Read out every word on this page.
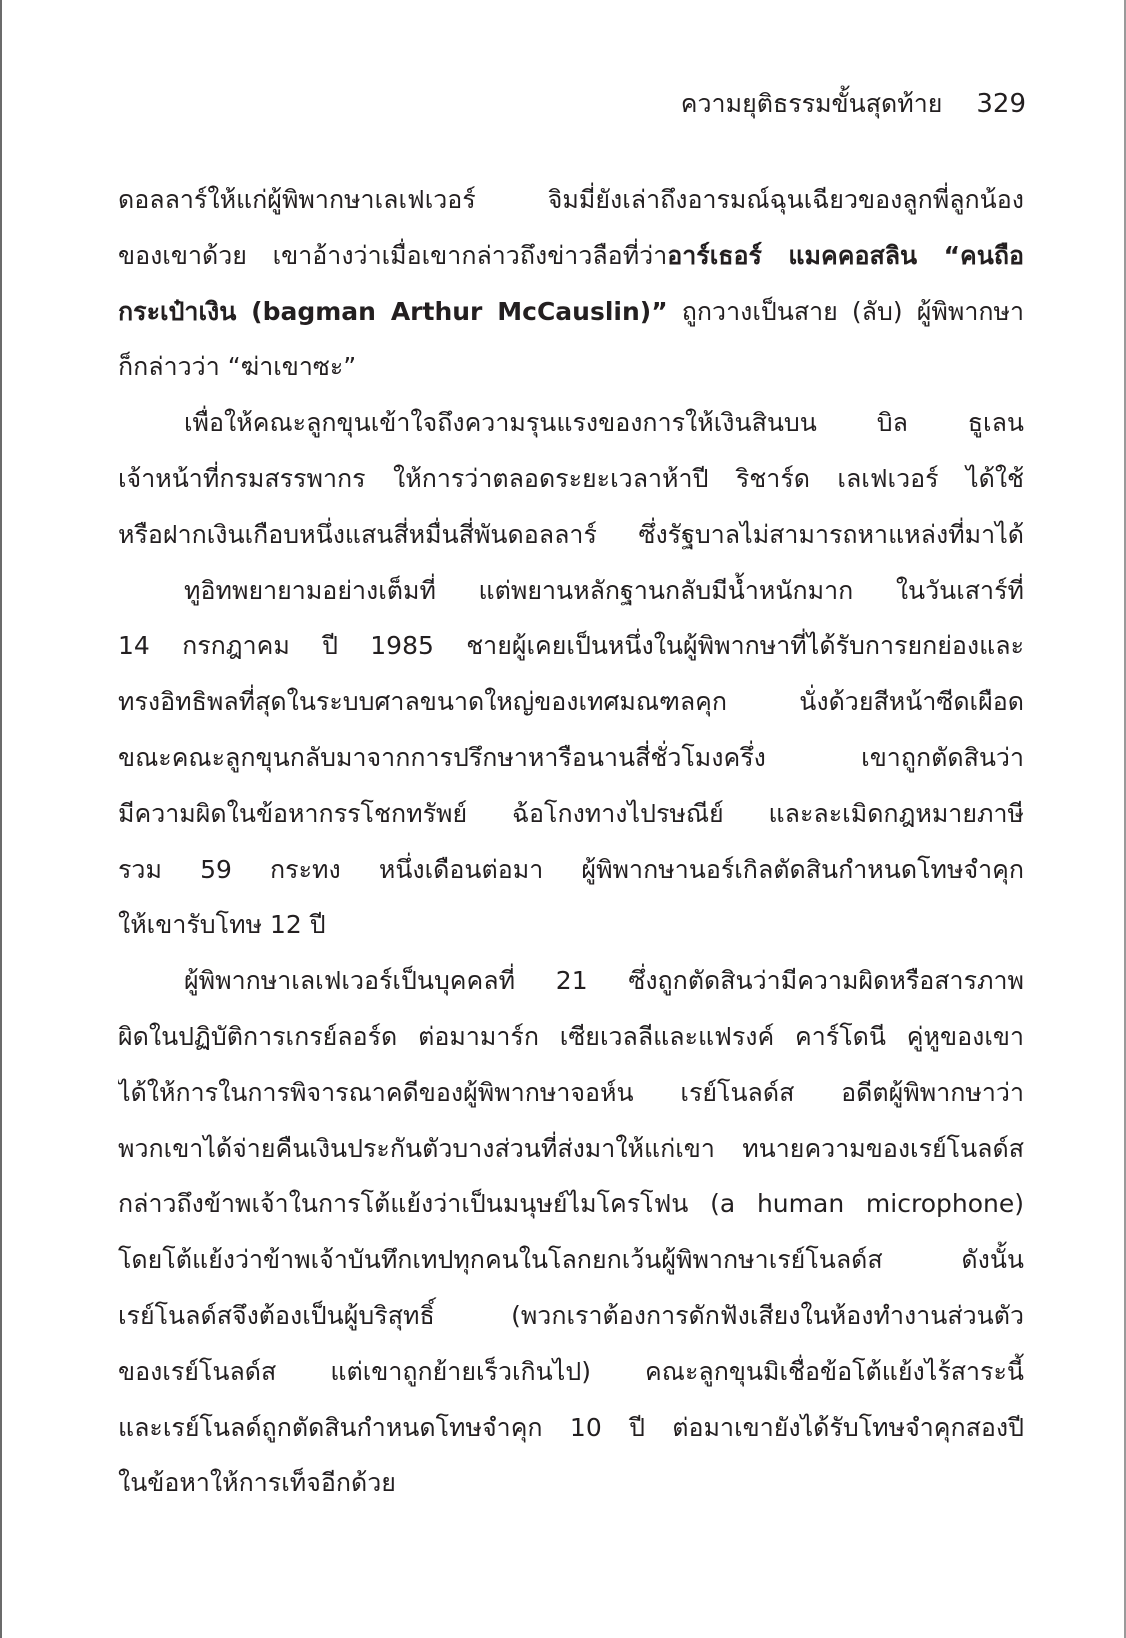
ความยุติธรรมขั้นสุดท้าย 329
ดอลลาร์ให้แก่ผู้พิพากษาเลเฟเวอร์ จิมมี่ยังเล่าถึงอารมณ์ฉุนเฉียวของลูกพี่ลูกน้อง
ของเขาด้วย เขาอ้างว่าเมื่อเขากล่าวถึงข่าวลือที่ว่าอาร์เธอร์ แมคคอสลิน “คนถือ
กระเป๋าเงิน (bagman Arthur McCauslin)” ถูกวางเป็นสาย (ลับ) ผู้พิพากษา
ก็กล่าวว่า “ฆ่าเขาซะ”
เพื่อให้คณะลูกขุนเข้าใจถึงความรุนแรงของการให้เงินสินบน บิล ธูเลน
เจ้าหน้าที่กรมสรรพากร ให้การว่าตลอดระยะเวลาห้าปี ริชาร์ด เลเฟเวอร์ ได้ใช้
หรือฝากเงินเกือบหนึ่งแสนสี่หมื่นสี่พันดอลลาร์ ซึ่งรัฐบาลไม่สามารถหาแหล่งที่มาได้
ทูอิทพยายามอย่างเต็มที่ แต่พยานหลักฐานกลับมีน้ำหนักมาก ในวันเสาร์ที่
14 กรกฎาคม ปี 1985 ชายผู้เคยเป็นหนึ่งในผู้พิพากษาที่ได้รับการยกย่องและ
ทรงอิทธิพลที่สุดในระบบศาลขนาดใหญ่ของเทศมณฑลคุก นั่งด้วยสีหน้าซีดเผือด
ขณะคณะลูกขุนกลับมาจากการปรึกษาหารือนานสี่ชั่วโมงครึ่ง เขาถูกตัดสินว่า
มีความผิดในข้อหากรรโชกทรัพย์ ฉ้อโกงทางไปรษณีย์ และละเมิดกฎหมายภาษี
รวม 59 กระทง หนึ่งเดือนต่อมา ผู้พิพากษานอร์เกิลตัดสินกำหนดโทษจำคุก
ให้เขารับโทษ 12 ปี
ผู้พิพากษาเลเฟเวอร์เป็นบุคคลที่ 21 ซึ่งถูกตัดสินว่ามีความผิดหรือสารภาพ
ผิดในปฏิบัติการเกรย์ลอร์ด ต่อมามาร์ก เซียเวลลีและแฟรงค์ คาร์โดนี คู่หูของเขา
ได้ให้การในการพิจารณาคดีของผู้พิพากษาจอห์น เรย์โนลด์ส อดีตผู้พิพากษาว่า
พวกเขาได้จ่ายคืนเงินประกันตัวบางส่วนที่ส่งมาให้แก่เขา ทนายความของเรย์โนลด์ส
กล่าวถึงข้าพเจ้าในการโต้แย้งว่าเป็นมนุษย์ไมโครโฟน (a human microphone)
โดยโต้แย้งว่าข้าพเจ้าบันทึกเทปทุกคนในโลกยกเว้นผู้พิพากษาเรย์โนลด์ส ดังนั้น
เรย์โนลด์สจึงต้องเป็นผู้บริสุทธิ์ (พวกเราต้องการดักฟังเสียงในห้องทำงานส่วนตัว
ของเรย์โนลด์ส แต่เขาถูกย้ายเร็วเกินไป) คณะลูกขุนมิเชื่อข้อโต้แย้งไร้สาระนี้
และเรย์โนลด์ถูกตัดสินกำหนดโทษจำคุก 10 ปี ต่อมาเขายังได้รับโทษจำคุกสองปี
ในข้อหาให้การเท็จอีกด้วย
